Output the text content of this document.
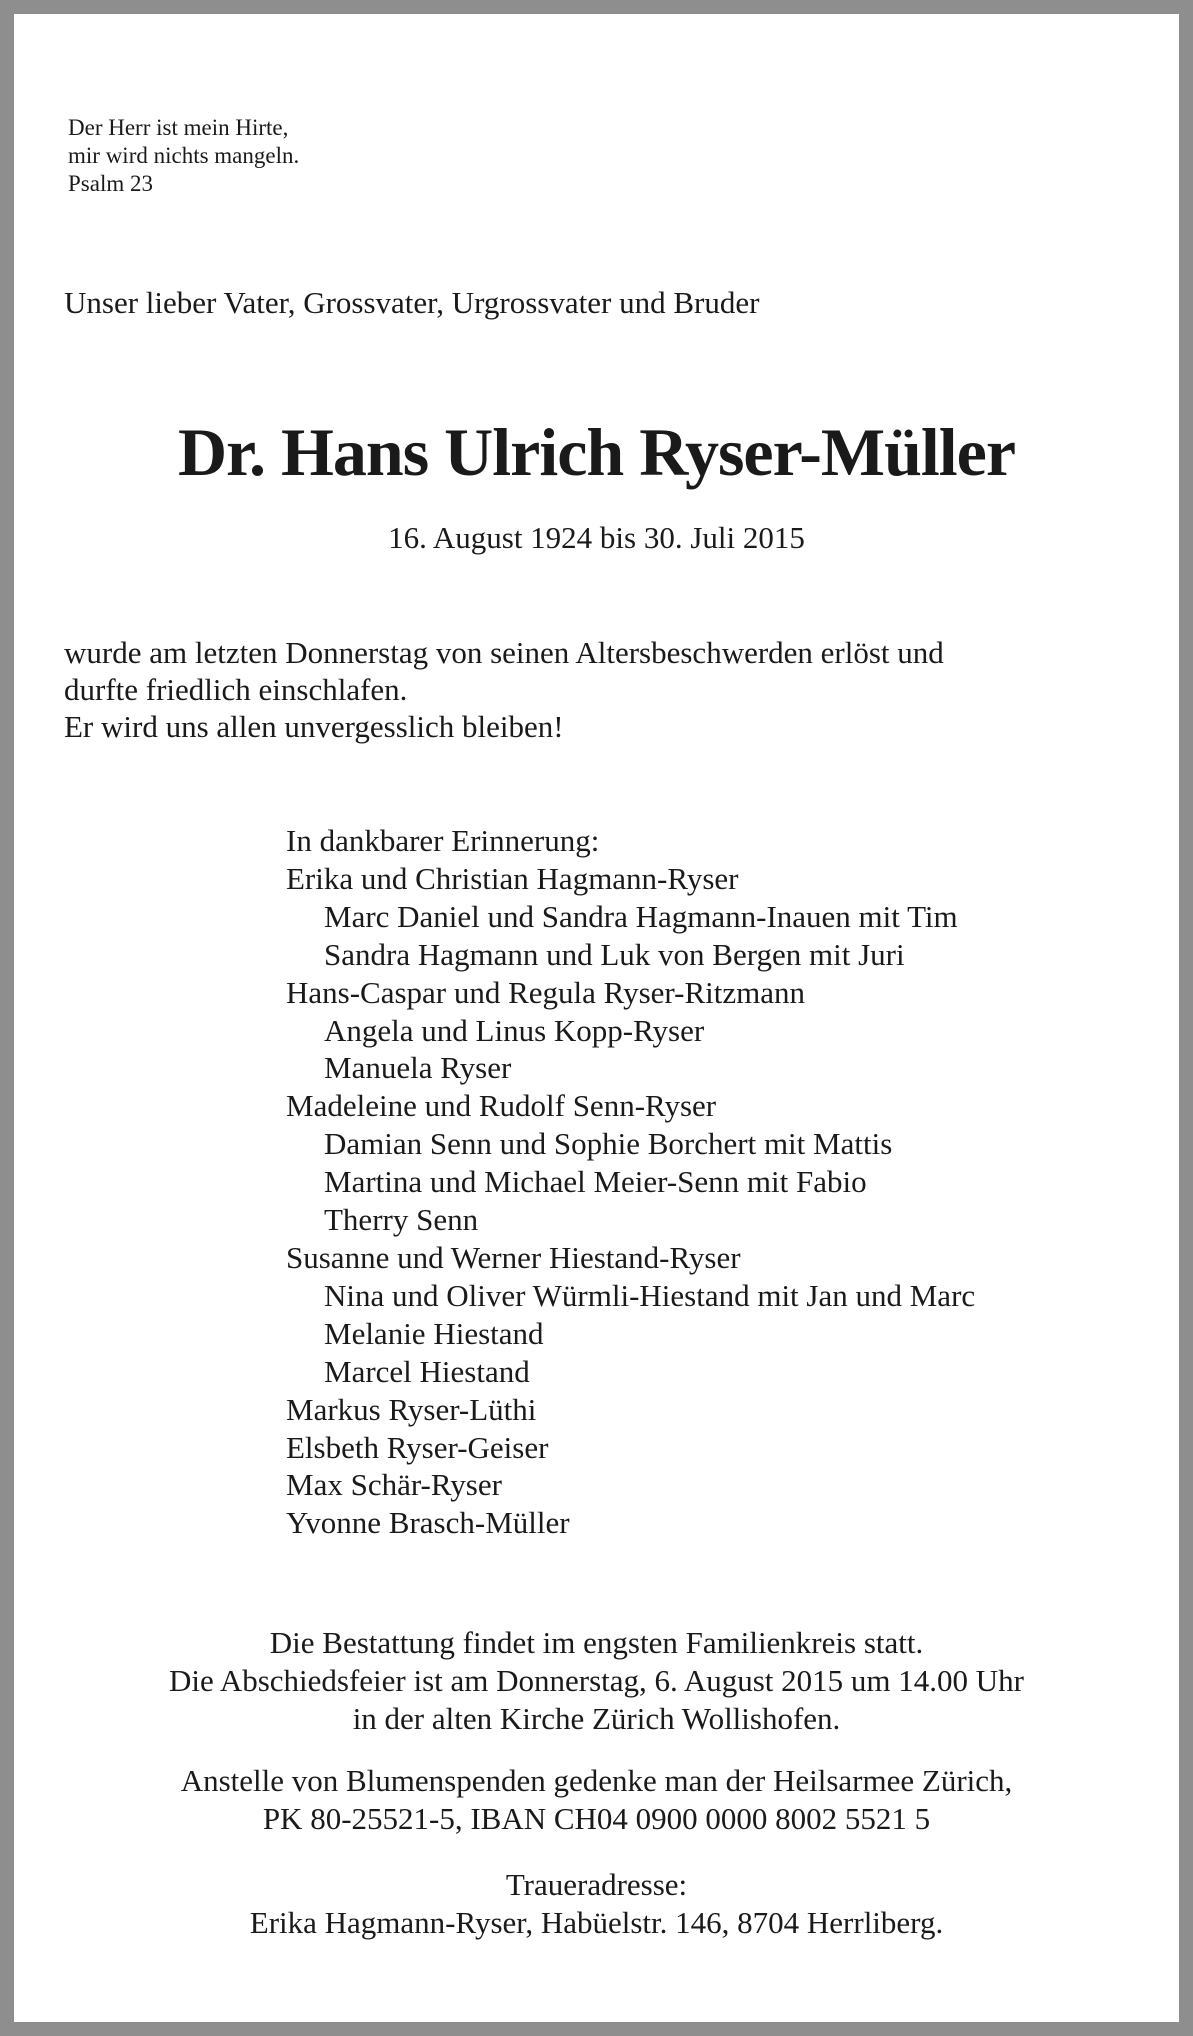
Der Herr ist mein Hirte,
mir wird nichts mangeln.
Psalm 23
Unser lieber Vater, Grossvater, Urgrossvater und Bruder
Dr. Hans Ulrich Ryser-Müller
16. August 1924 bis 30. Juli 2015
wurde am letzten Donnerstag von seinen Altersbeschwerden erlöst und
durfte friedlich einschlafen.
Er wird uns allen unvergesslich bleiben!
In dankbarer Erinnerung:
Erika und Christian Hagmann-Ryser
Marc Daniel und Sandra Hagmann-Inauen mit Tim
Sandra Hagmann und Luk von Bergen mit Juri
Hans-Caspar und Regula Ryser-Ritzmann
Angela und Linus Kopp-Ryser
Manuela Ryser
Madeleine und Rudolf Senn-Ryser
Damian Senn und Sophie Borchert mit Mattis
Martina und Michael Meier-Senn mit Fabio
Therry Senn
Susanne und Werner Hiestand-Ryser
Nina und Oliver Würmli-Hiestand mit Jan und Marc
Melanie Hiestand
Marcel Hiestand
Markus Ryser-Lüthi
Elsbeth Ryser-Geiser
Max Schär-Ryser
Yvonne Brasch-Müller
Die Bestattung findet im engsten Familienkreis statt.
Die Abschiedsfeier ist am Donnerstag, 6. August 2015 um 14.00 Uhr
in der alten Kirche Zürich Wollishofen.
Anstelle von Blumenspenden gedenke man der Heilsarmee Zürich,
PK 80-25521-5, IBAN CH04 0900 0000 8002 5521 5
Traueradresse:
Erika Hagmann-Ryser, Habüelstr. 146, 8704 Herrliberg.
